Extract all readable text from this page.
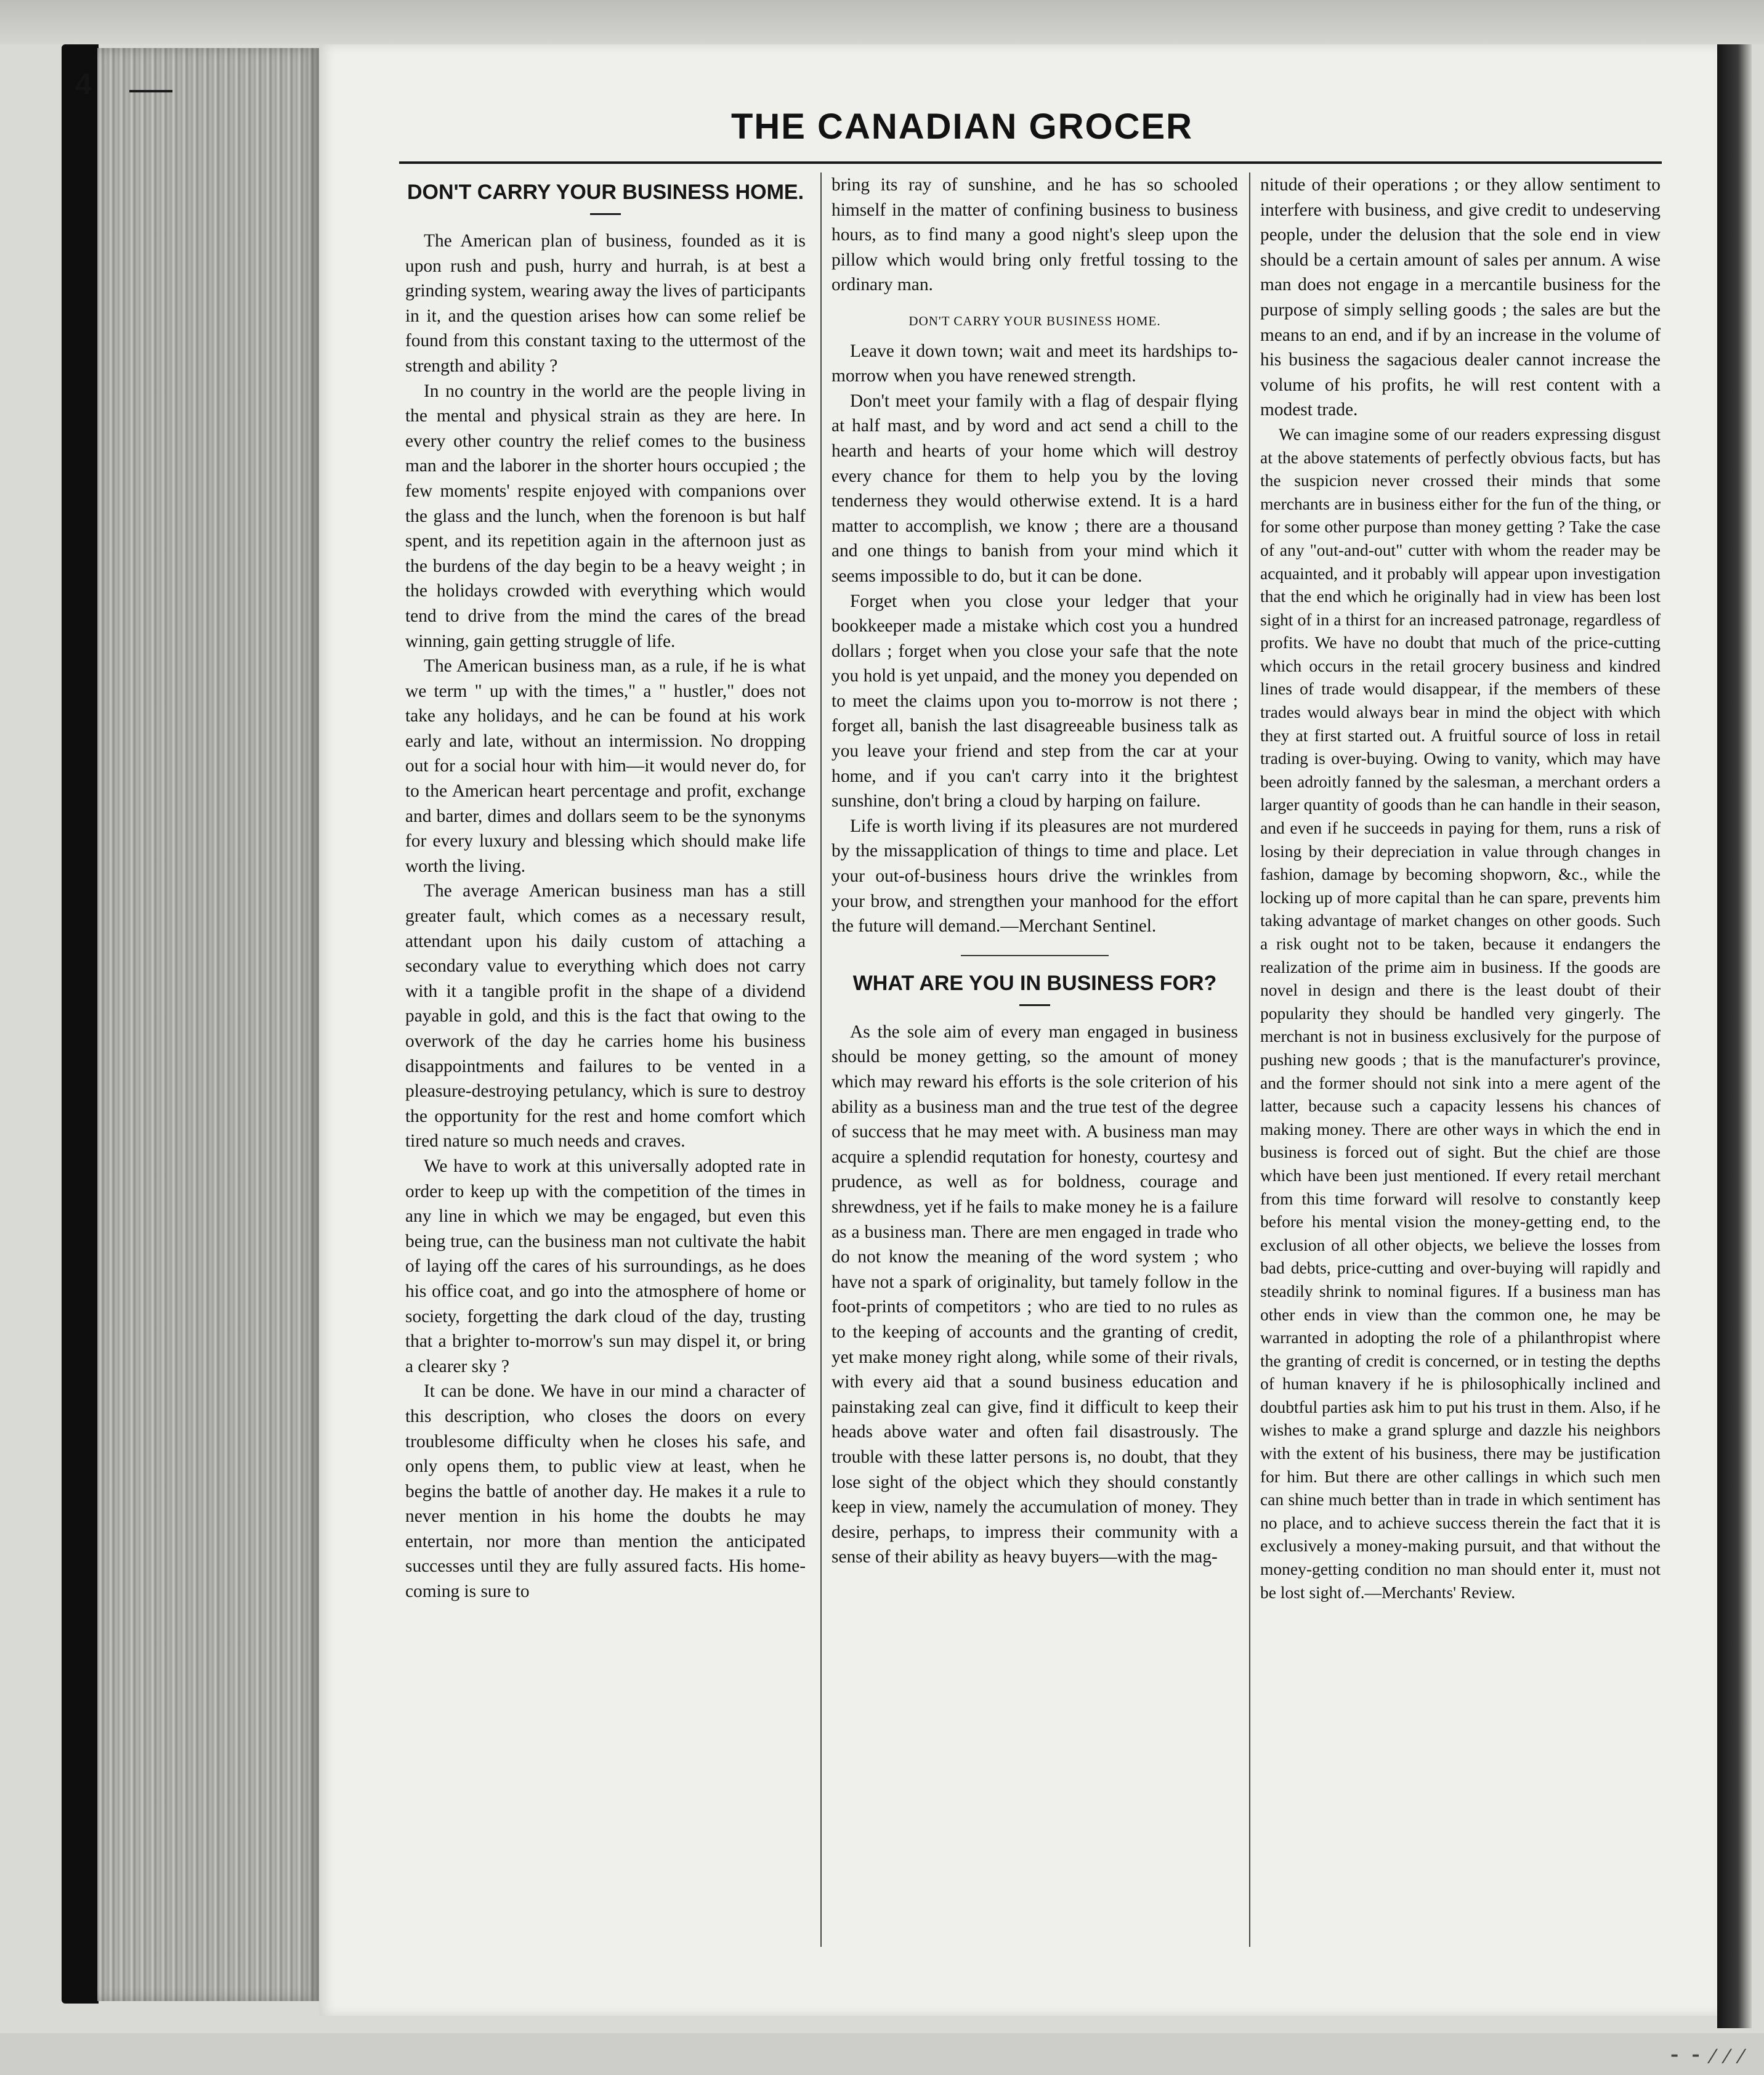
4
THE CANADIAN GROCER
DON'T CARRY YOUR BUSINESS HOME.

The American plan of business, founded as it is upon rush and push, hurry and hurrah, is at best a grinding system, wearing away the lives of participants in it, and the question arises how can some relief be found from this constant taxing to the uttermost of the strength and ability ?

In no country in the world are the people living in the mental and physical strain as they are here. In every other country the relief comes to the business man and the laborer in the shorter hours occupied ; the few moments' respite enjoyed with companions over the glass and the lunch, when the forenoon is but half spent, and its repetition again in the afternoon just as the burdens of the day begin to be a heavy weight ; in the holidays crowded with everything which would tend to drive from the mind the cares of the bread winning, gain getting struggle of life.

The American business man, as a rule, if he is what we term " up with the times," a " hustler," does not take any holidays, and he can be found at his work early and late, without an intermission. No dropping out for a social hour with him—it would never do, for to the American heart percentage and profit, exchange and barter, dimes and dollars seem to be the synonyms for every luxury and blessing which should make life worth the living.

The average American business man has a still greater fault, which comes as a necessary result, attendant upon his daily custom of attaching a secondary value to everything which does not carry with it a tangible profit in the shape of a dividend payable in gold, and this is the fact that owing to the overwork of the day he carries home his business disappointments and failures to be vented in a pleasure-destroying petulancy, which is sure to destroy the opportunity for the rest and home comfort which tired nature so much needs and craves.

We have to work at this universally adopted rate in order to keep up with the competition of the times in any line in which we may be engaged, but even this being true, can the business man not cultivate the habit of laying off the cares of his surroundings, as he does his office coat, and go into the atmosphere of home or society, forgetting the dark cloud of the day, trusting that a brighter to-morrow's sun may dispel it, or bring a clearer sky ?

It can be done. We have in our mind a character of this description, who closes the doors on every troublesome difficulty when he closes his safe, and only opens them, to public view at least, when he begins the battle of another day. He makes it a rule to never mention in his home the doubts he may entertain, nor more than mention the anticipated successes until they are fully assured facts. His home-coming is sure to

bring its ray of sunshine, and he has so schooled himself in the matter of confining business to business hours, as to find many a good night's sleep upon the pillow which would bring only fretful tossing to the ordinary man.

DON'T CARRY YOUR BUSINESS HOME.

Leave it down town; wait and meet its hardships to-morrow when you have renewed strength.

Don't meet your family with a flag of despair flying at half mast, and by word and act send a chill to the hearth and hearts of your home which will destroy every chance for them to help you by the loving tenderness they would otherwise extend. It is a hard matter to accomplish, we know ; there are a thousand and one things to banish from your mind which it seems impossible to do, but it can be done.

Forget when you close your ledger that your bookkeeper made a mistake which cost you a hundred dollars ; forget when you close your safe that the note you hold is yet unpaid, and the money you depended on to meet the claims upon you to-morrow is not there ; forget all, banish the last disagreeable business talk as you leave your friend and step from the car at your home, and if you can't carry into it the brightest sunshine, don't bring a cloud by harping on failure.

Life is worth living if its pleasures are not murdered by the missapplication of things to time and place. Let your out-of-business hours drive the wrinkles from your brow, and strengthen your manhood for the effort the future will demand.—Merchant Sentinel.

WHAT ARE YOU IN BUSINESS FOR?

As the sole aim of every man engaged in business should be money getting, so the amount of money which may reward his efforts is the sole criterion of his ability as a business man and the true test of the degree of success that he may meet with. A business man may acquire a splendid requtation for honesty, courtesy and prudence, as well as for boldness, courage and shrewdness, yet if he fails to make money he is a failure as a business man. There are men engaged in trade who do not know the meaning of the word system ; who have not a spark of originality, but tamely follow in the foot-prints of competitors ; who are tied to no rules as to the keeping of accounts and the granting of credit, yet make money right along, while some of their rivals, with every aid that a sound business education and painstaking zeal can give, find it difficult to keep their heads above water and often fail disastrously. The trouble with these latter persons is, no doubt, that they lose sight of the object which they should constantly keep in view, namely the accumulation of money. They desire, perhaps, to impress their community with a sense of their ability as heavy buyers—with the mag-

nitude of their operations ; or they allow sentiment to interfere with business, and give credit to undeserving people, under the delusion that the sole end in view should be a certain amount of sales per annum. A wise man does not engage in a mercantile business for the purpose of simply selling goods ; the sales are but the means to an end, and if by an increase in the volume of his business the sagacious dealer cannot increase the volume of his profits, he will rest content with a modest trade.

We can imagine some of our readers expressing disgust at the above statements of perfectly obvious facts, but has the suspicion never crossed their minds that some merchants are in business either for the fun of the thing, or for some other purpose than money getting ? Take the case of any "out-and-out" cutter with whom the reader may be acquainted, and it probably will appear upon investigation that the end which he originally had in view has been lost sight of in a thirst for an increased patronage, regardless of profits. We have no doubt that much of the price-cutting which occurs in the retail grocery business and kindred lines of trade would disappear, if the members of these trades would always bear in mind the object with which they at first started out. A fruitful source of loss in retail trading is over-buying. Owing to vanity, which may have been adroitly fanned by the salesman, a merchant orders a larger quantity of goods than he can handle in their season, and even if he succeeds in paying for them, runs a risk of losing by their depreciation in value through changes in fashion, damage by becoming shopworn, &c., while the locking up of more capital than he can spare, prevents him taking advantage of market changes on other goods. Such a risk ought not to be taken, because it endangers the realization of the prime aim in business. If the goods are novel in design and there is the least doubt of their popularity they should be handled very gingerly. The merchant is not in business exclusively for the purpose of pushing new goods ; that is the manufacturer's province, and the former should not sink into a mere agent of the latter, because such a capacity lessens his chances of making money. There are other ways in which the end in business is forced out of sight. But the chief are those which have been just mentioned. If every retail merchant from this time forward will resolve to constantly keep before his mental vision the money-getting end, to the exclusion of all other objects, we believe the losses from bad debts, price-cutting and over-buying will rapidly and steadily shrink to nominal figures. If a business man has other ends in view than the common one, he may be warranted in adopting the role of a philanthropist where the granting of credit is concerned, or in testing the depths of human knavery if he is philosophically inclined and doubtful parties ask him to put his trust in them. Also, if he wishes to make a grand splurge and dazzle his neighbors with the extent of his business, there may be justification for him. But there are other callings in which such men can shine much better than in trade in which sentiment has no place, and to achieve success therein the fact that it is exclusively a money-making pursuit, and that without the money-getting condition no man should enter it, must not be lost sight of.—Merchants' Review.

⁃ ⁃ ⁄ ⁄ ⁄
